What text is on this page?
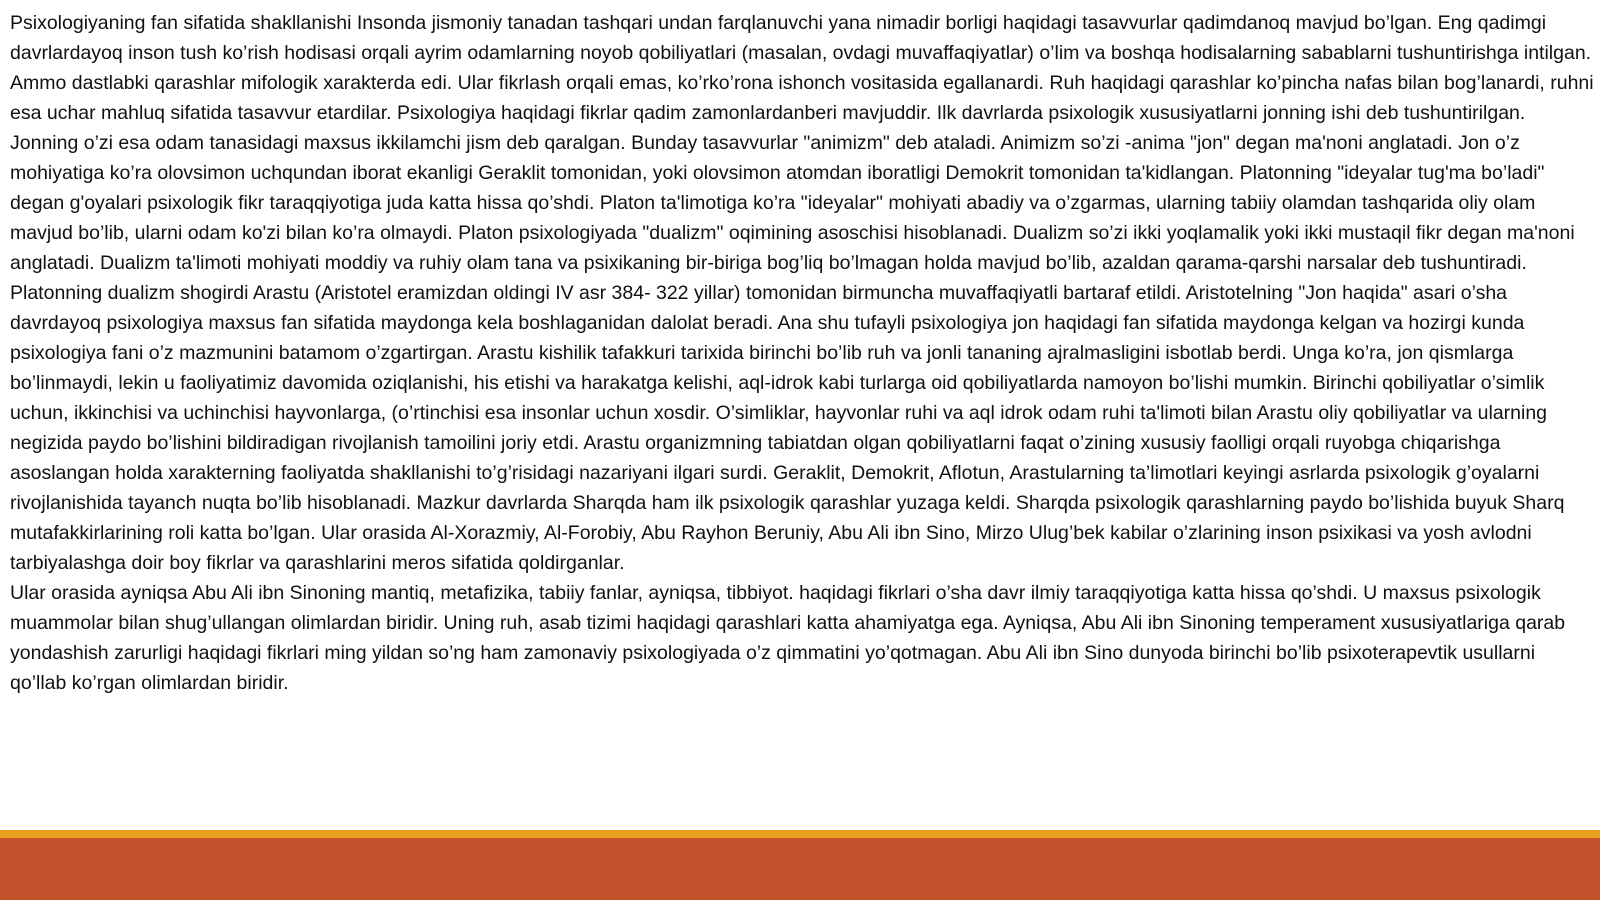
Psixologiyaning fan sifatida shakllanishi Insonda jismoniy tanadan tashqari undan farqlanuvchi yana nimadir borligi haqidagi tasavvurlar qadimdanoq mavjud bo’lgan. Eng qadimgi davrlardayoq inson tush ko’rish hodisasi orqali ayrim odamlarning noyob qobiliyatlari (masalan, ovdagi muvaffaqiyatlar) o’lim va boshqa hodisalarning sabablarni tushuntirishga intilgan. Ammo dastlabki qarashlar mifologik xarakterda edi. Ular fikrlash orqali emas, ko’rko’rona ishonch vositasida egallanardi. Ruh haqidagi qarashlar ko’pincha nafas bilan bog’lanardi, ruhni esa uchar mahluq sifatida tasavvur etardilar. Psixologiya haqidagi fikrlar qadim zamonlardanberi mavjuddir. Ilk davrlarda psixologik xususiyatlarni jonning ishi deb tushuntirilgan. Jonning o’zi esa odam tanasidagi maxsus ikkilamchi jism deb qaralgan. Bunday tasavvurlar "animizm" deb ataladi. Animizm so’zi -anima "jon" degan ma'noni anglatadi. Jon o’z mohiyatiga ko’ra olovsimon uchqundan iborat ekanligi Geraklit tomonidan, yoki olovsimon atomdan iboratligi Demokrit tomonidan ta'kidlangan. Platonning "ideyalar tug'ma bo’ladi" degan g'oyalari psixologik fikr taraqqiyotiga juda katta hissa qo’shdi. Platon ta'limotiga ko’ra "ideyalar" mohiyati abadiy va o’zgarmas, ularning tabiiy olamdan tashqarida oliy olam mavjud bo’lib, ularni odam ko'zi bilan ko’ra olmaydi. Platon psixologiyada "dualizm" oqimining asoschisi hisoblanadi. Dualizm so’zi ikki yoqlamalik yoki ikki mustaqil fikr degan ma'noni anglatadi. Dualizm ta'limoti mohiyati moddiy va ruhiy olam tana va psixikaning bir-biriga bog’liq bo’lmagan holda mavjud bo’lib, azaldan qarama-qarshi narsalar deb tushuntiradi. Platonning dualizm shogirdi Arastu (Aristotel eramizdan oldingi IV asr 384- 322 yillar) tomonidan birmuncha muvaffaqiyatli bartaraf etildi. Aristotelning "Jon haqida" asari o’sha davrdayoq psixologiya maxsus fan sifatida maydonga kela boshlaganidan dalolat beradi. Ana shu tufayli psixologiya jon haqidagi fan sifatida maydonga kelgan va hozirgi kunda psixologiya fani o’z mazmunini batamom o’zgartirgan. Arastu kishilik tafakkuri tarixida birinchi bo’lib ruh va jonli tananing ajralmasligini isbotlab berdi. Unga ko’ra, jon qismlarga bo’linmaydi, lekin u faoliyatimiz davomida oziqlanishi, his etishi va harakatga kelishi, aql-idrok kabi turlarga oid qobiliyatlarda namoyon bo’lishi mumkin. Birinchi qobiliyatlar o’simlik uchun, ikkinchisi va uchinchisi hayvonlarga, (o’rtinchisi esa insonlar uchun xosdir. O’simliklar, hayvonlar ruhi va aql idrok odam ruhi ta'limoti bilan Arastu oliy qobiliyatlar va ularning negizida paydo bo’lishini bildiradigan rivojlanish tamoilini joriy etdi. Arastu organizmning tabiatdan olgan qobiliyatlarni faqat o’zining xususiy faolligi orqali ruyobga chiqarishga asoslangan holda xarakterning faoliyatda shakllanishi to’g’risidagi nazariyani ilgari surdi. Geraklit, Demokrit, Aflotun, Arastularning ta’limotlari keyingi asrlarda psixologik g’oyalarni rivojlanishida tayanch nuqta bo’lib hisoblanadi. Mazkur davrlarda Sharqda ham ilk psixologik qarashlar yuzaga keldi. Sharqda psixologik qarashlarning paydo bo’lishida buyuk Sharq mutafakkirlarining roli katta bo’lgan. Ular orasida Al-Xorazmiy, Al-Forobiy, Abu Rayhon Beruniy, Abu Ali ibn Sino, Mirzo Ulug’bek kabilar o’zlarining inson psixikasi va yosh avlodni tarbiyalashga doir boy fikrlar va qarashlarini meros sifatida qoldirganlar.

Ular orasida ayniqsa Abu Ali ibn Sinoning mantiq, metafizika, tabiiy fanlar, ayniqsa, tibbiyot. haqidagi fikrlari o’sha davr ilmiy taraqqiyotiga katta hissa qo’shdi. U maxsus psixologik muammolar bilan shug’ullangan olimlardan biridir. Uning ruh, asab tizimi haqidagi qarashlari katta ahamiyatga ega. Ayniqsa, Abu Ali ibn Sinoning temperament xususiyatlariga qarab yondashish zarurligi haqidagi fikrlari ming yildan so’ng ham zamonaviy psixologiyada o’z qimmatini yo’qotmagan. Abu Ali ibn Sino dunyoda birinchi bo’lib psixoterapevtik usullarni qo’llab ko’rgan olimlardan biridir.
